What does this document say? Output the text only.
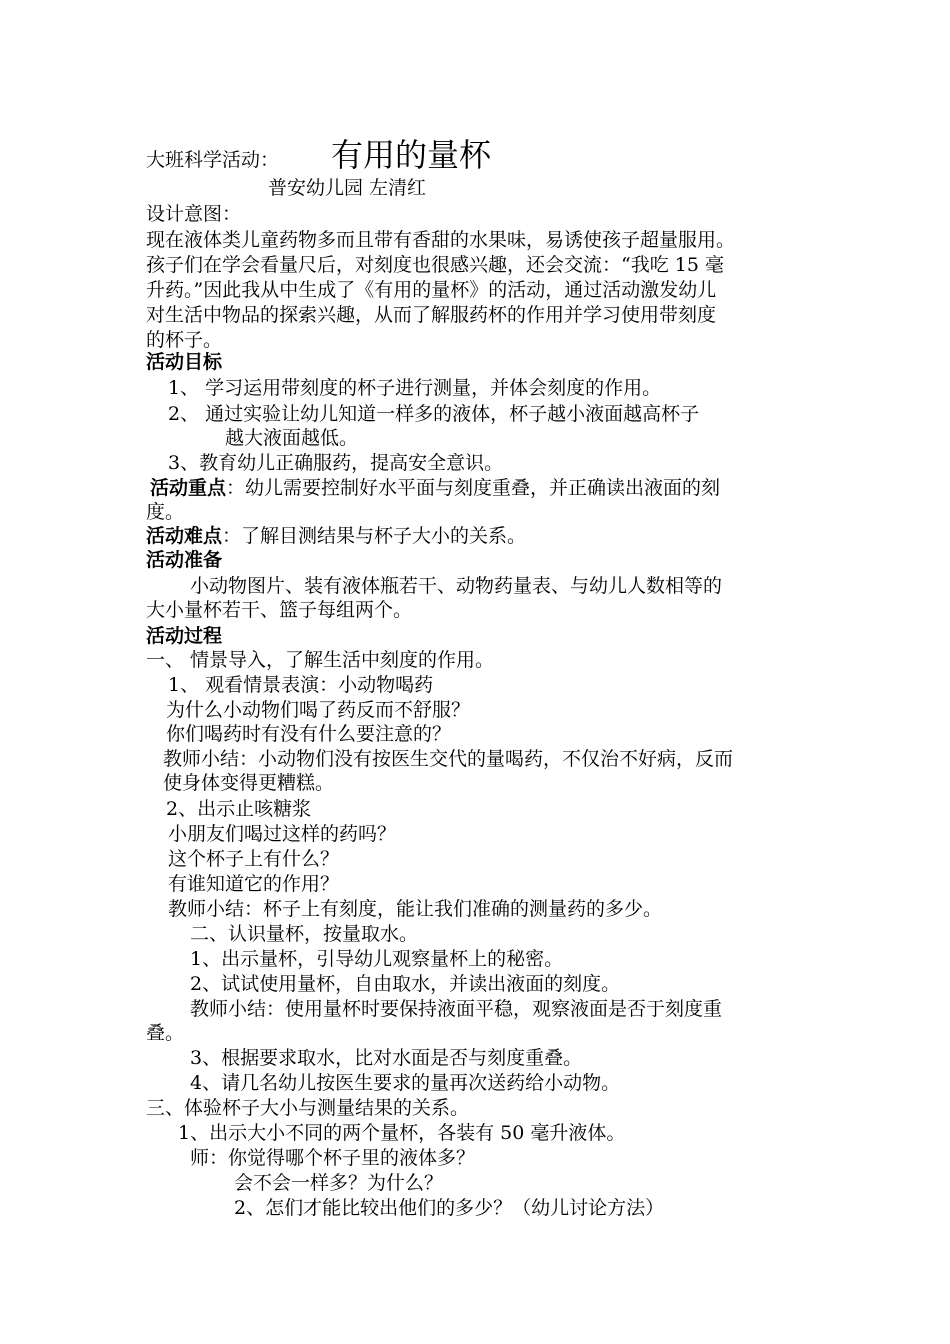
大班科学活动： 有用的量杯
普安幼儿园 左清红
设计意图：
现在液体类儿童药物多而且带有香甜的水果味，易诱使孩子超量服用。
孩子们在学会看量尺后，对刻度也很感兴趣，还会交流：“我吃 15 毫
升药。”因此我从中生成了《有用的量杯》的活动，通过活动激发幼儿
对生活中物品的探索兴趣，从而了解服药杯的作用并学习使用带刻度
的杯子。
活动目标
1、 学习运用带刻度的杯子进行测量，并体会刻度的作用。
2、 通过实验让幼儿知道一样多的液体，杯子越小液面越高杯子
越大液面越低。
3、教育幼儿正确服药，提高安全意识。
活动重点：幼儿需要控制好水平面与刻度重叠，并正确读出液面的刻
度。
活动难点：了解目测结果与杯子大小的关系。
活动准备
小动物图片、装有液体瓶若干、动物药量表、与幼儿人数相等的
大小量杯若干、篮子每组两个。
活动过程
一、 情景导入，了解生活中刻度的作用。
1、 观看情景表演：小动物喝药
为什么小动物们喝了药反而不舒服？
你们喝药时有没有什么要注意的？
教师小结：小动物们没有按医生交代的量喝药，不仅治不好病，反而
使身体变得更糟糕。
2、出示止咳糖浆
小朋友们喝过这样的药吗？
这个杯子上有什么？
有谁知道它的作用？
教师小结：杯子上有刻度，能让我们准确的测量药的多少。
二、认识量杯，按量取水。
1、出示量杯，引导幼儿观察量杯上的秘密。
2、试试使用量杯，自由取水，并读出液面的刻度。
教师小结：使用量杯时要保持液面平稳，观察液面是否于刻度重
叠。
3、根据要求取水，比对水面是否与刻度重叠。
4、请几名幼儿按医生要求的量再次送药给小动物。
三、体验杯子大小与测量结果的关系。
1、出示大小不同的两个量杯，各装有 50 毫升液体。
师：你觉得哪个杯子里的液体多？
会不会一样多？为什么？
2、怎们才能比较出他们的多少？（幼儿讨论方法）
